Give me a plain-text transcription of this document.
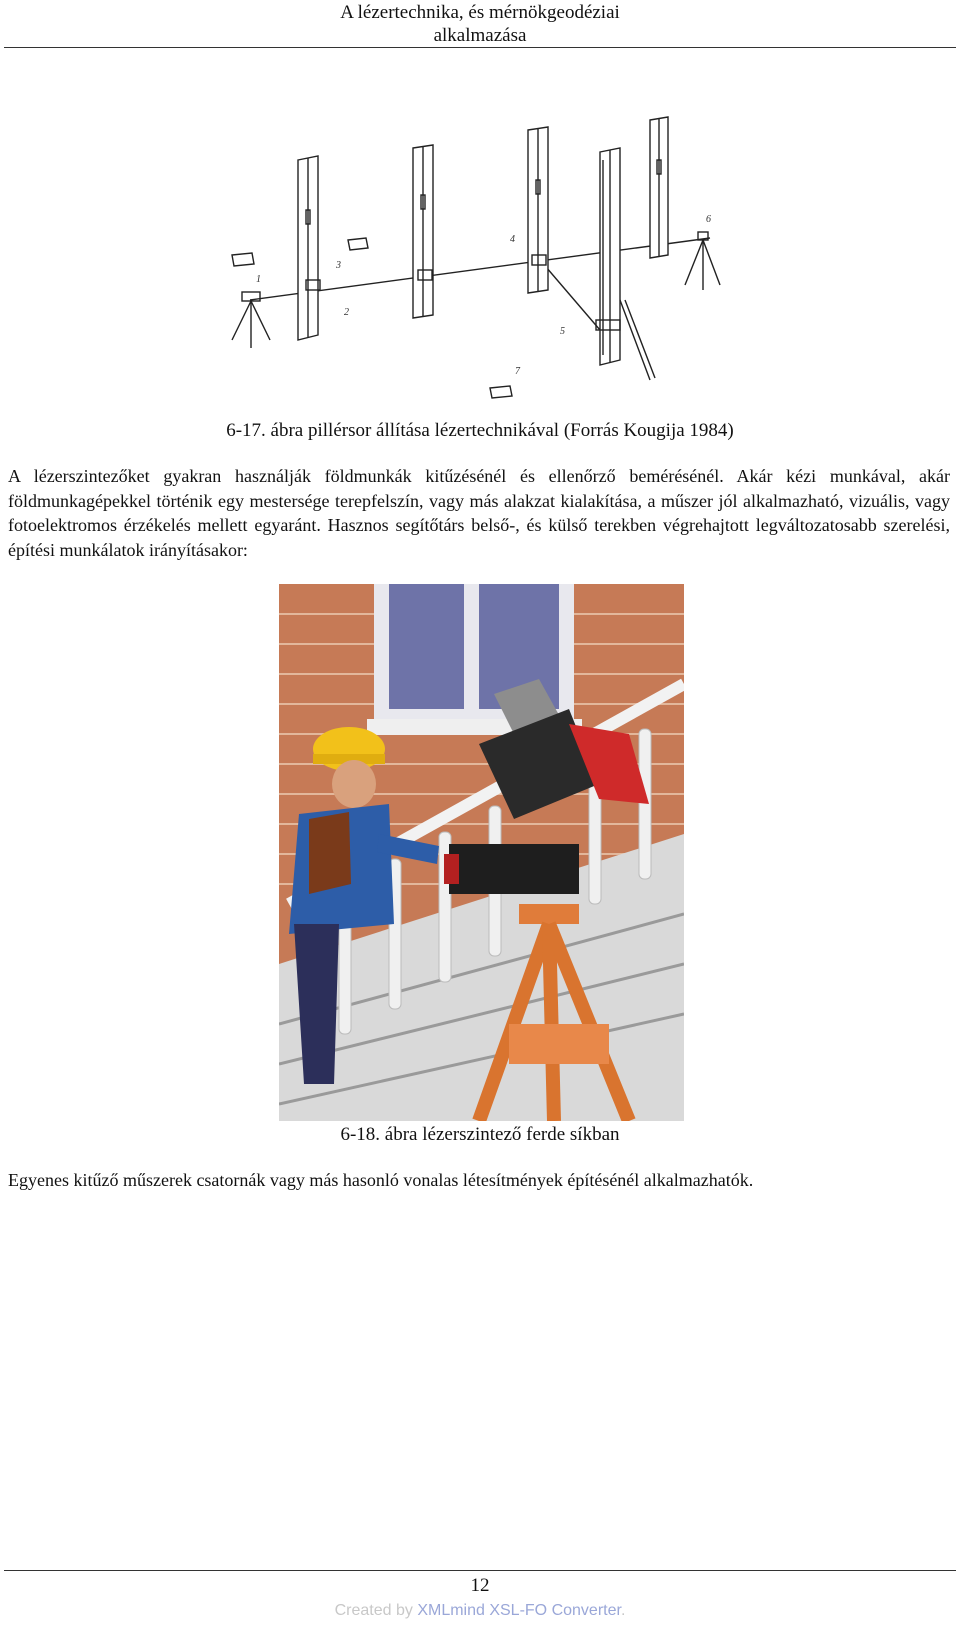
A lézertechnika, és mérnökgeodéziai
alkalmazása
1
2
3
4
5
6
7
6-17. ábra pillérsor állítása lézertechnikával (Forrás Kougija 1984)
A lézerszintezőket gyakran használják földmunkák kitűzésénél és ellenőrző bemérésénél. Akár kézi munkával, akár földmunkagépekkel történik egy mestersége terepfelszín, vagy más alakzat kialakítása, a műszer jól alkalmazható, vizuális, vagy fotoelektromos érzékelés mellett egyaránt. Hasznos segítőtárs belső-, és külső terekben végrehajtott legváltozatosabb szerelési, építési munkálatok irányításakor:
6-18. ábra lézerszintező ferde síkban
Egyenes kitűző műszerek csatornák vagy más hasonló vonalas létesítmények építésénél alkalmazhatók.
12
Created by XMLmind XSL-FO Converter.
